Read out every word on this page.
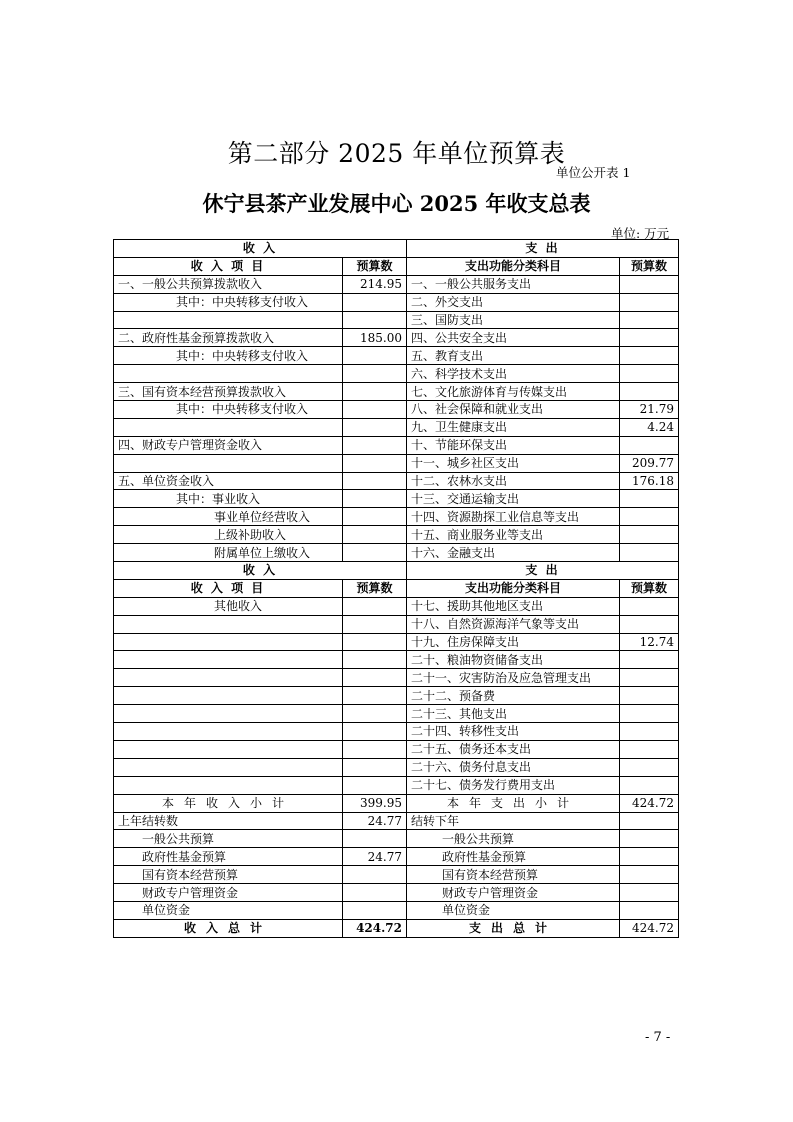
第二部分 2025 年单位预算表
单位公开表 1
休宁县茶产业发展中心 2025 年收支总表
单位: 万元
收 入		支 出	
收 入 项 目	预算数	支出功能分类科目	预算数
一、一般公共预算拨款收入	214.95	一、一般公共服务支出	
其中：中央转移支付收入		二、外交支出	
		三、国防支出	
二、政府性基金预算拨款收入	185.00	四、公共安全支出	
其中：中央转移支付收入		五、教育支出	
		六、科学技术支出	
三、国有资本经营预算拨款收入		七、文化旅游体育与传媒支出	
其中：中央转移支付收入		八、社会保障和就业支出	21.79
		九、卫生健康支出	4.24
四、财政专户管理资金收入		十、节能环保支出	
		十一、城乡社区支出	209.77
五、单位资金收入		十二、农林水支出	176.18
其中：事业收入		十三、交通运输支出	
事业单位经营收入		十四、资源勘探工业信息等支出	
上级补助收入		十五、商业服务业等支出	
附属单位上缴收入		十六、金融支出	
收 入		支 出	
收 入 项 目	预算数	支出功能分类科目	预算数
其他收入		十七、援助其他地区支出	
		十八、自然资源海洋气象等支出	
		十九、住房保障支出	12.74
		二十、粮油物资储备支出	
		二十一、灾害防治及应急管理支出	
		二十二、预备费	
		二十三、其他支出	
		二十四、转移性支出	
		二十五、债务还本支出	
		二十六、债务付息支出	
		二十七、债务发行费用支出	
本年收入小计	399.95	本年支出小计	424.72
上年结转数	24.77	结转下年	
一般公共预算		一般公共预算	
政府性基金预算	24.77	政府性基金预算	
国有资本经营预算		国有资本经营预算	
财政专户管理资金		财政专户管理资金	
单位资金		单位资金	
收入总计	424.72	支出总计	424.72
- 7 -
